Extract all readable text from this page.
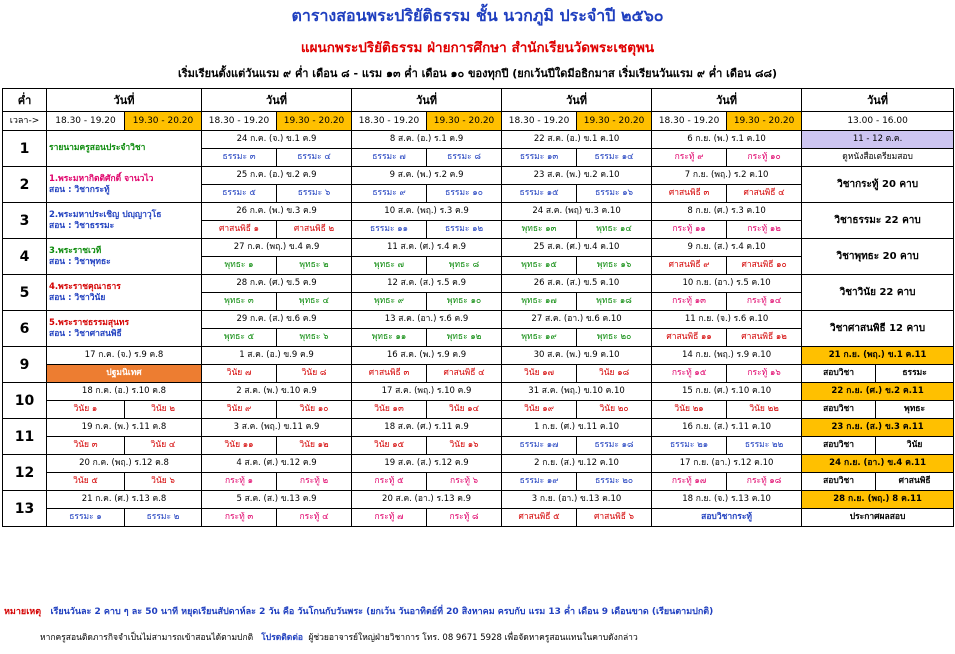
ตารางสอนพระปริยัติธรรม ชั้น นวกภูมิ ประจำปี ๒๕๖๐
แผนกพระปริยัติธรรม ฝ่ายการศึกษา สำนักเรียนวัดพระเชตุพน
เริ่มเรียนตั้งแต่วันแรม ๙ ค่ำ เดือน ๘ - แรม ๑๓ ค่ำ เดือน ๑๐ ของทุกปี (ยกเว้นปีใดมีอธิกมาส เริ่มเรียนวันแรม ๙ ค่ำ เดือน ๘๘)
ค่ำ	วันที่		วันที่		วันที่		วันที่		วันที่		วันที่	
เวลา->	18.30 - 19.20	19.30 - 20.20	18.30 - 19.20	19.30 - 20.20	18.30 - 19.20	19.30 - 20.20	18.30 - 19.20	19.30 - 20.20	18.30 - 19.20	19.30 - 20.20	13.00 - 16.00	
1	รายนามครูสอนประจำวิชา		24 ก.ค. (จ.) ข.1 ค.9		8 ส.ค. (อ.) ร.1 ค.9		22 ส.ค. (อ.) ข.1 ค.10		6 ก.ย. (พ.) ร.1 ค.10		11 - 12 ต.ค.	
			ธรรมะ ๓	ธรรมะ ๔	ธรรมะ ๗	ธรรมะ ๘	ธรรมะ ๑๓	ธรรมะ ๑๔	กระทู้ ๙	กระทู้ ๑๐	ดูหนังสือเตรียมสอบ	
2	1.พระมหากิตติศักดิ์ จานวไว
สอน : วิชากระทู้		25 ก.ค. (อ.) ข.2 ค.9		9 ส.ค. (พ.) ร.2 ค.9		23 ส.ค. (พ.) ข.2 ค.10		7 ก.ย. (พฤ.) ร.2 ค.10		วิชากระทู้ 20 คาบ	
			ธรรมะ ๕	ธรรมะ ๖	ธรรมะ ๙	ธรรมะ ๑๐	ธรรมะ ๑๕	ธรรมะ ๑๖	ศาสนพิธี ๓	ศาสนพิธี ๔		
3	2.พระมหาประเชิญ ปญฺญาวุโธ
สอน : วิชาธรรมะ		26 ก.ค. (พ.) ข.3 ค.9		10 ส.ค. (พฤ.) ร.3 ค.9		24 ส.ค. (พฤ) ข.3 ค.10		8 ก.ย. (ศ.) ร.3 ค.10		วิชาธรรมะ 22 คาบ	
			ศาสนพิธี ๑	ศาสนพิธี ๒	ธรรมะ ๑๑	ธรรมะ ๑๒	พุทธะ ๑๓	พุทธะ ๑๔	กระทู้ ๑๑	กระทู้ ๑๒		
4	3.พระราชเวที
สอน : วิชาพุทธะ		27 ก.ค. (พฤ.) ข.4 ค.9		11 ส.ค. (ศ.) ร.4 ค.9		25 ส.ค. (ศ.) ข.4 ค.10		9 ก.ย. (ส.) ร.4 ค.10		วิชาพุทธะ 20 คาบ	
			พุทธะ ๑	พุทธะ ๒	พุทธะ ๗	พุทธะ ๘	พุทธะ ๑๕	พุทธะ ๑๖	ศาสนพิธี ๙	ศาสนพิธี ๑๐		
5	4.พระราชคุณาธาร
สอน : วิชาวินัย		28 ก.ค. (ศ.) ข.5 ค.9		12 ส.ค. (ส.) ร.5 ค.9		26 ส.ค. (ส.) ข.5 ค.10		10 ก.ย. (อา.) ร.5 ค.10		วิชาวินัย 22 คาบ	
			พุทธะ ๓	พุทธะ ๔	พุทธะ ๙	พุทธะ ๑๐	พุทธะ ๑๗	พุทธะ ๑๘	กระทู้ ๑๓	กระทู้ ๑๔		
6	5.พระราชธรรมสุนทร
สอน : วิชาศาสนพิธี		29 ก.ค. (ส.) ข.6 ค.9		13 ส.ค. (อา.) ร.6 ค.9		27 ส.ค. (อา.) ข.6 ค.10		11 ก.ย. (จ.) ร.6 ค.10		วิชาศาสนพิธี 12 คาบ	
			พุทธะ ๕	พุทธะ ๖	พุทธะ ๑๑	พุทธะ ๑๒	พุทธะ ๑๙	พุทธะ ๒๐	ศาสนพิธี ๑๑	ศาสนพิธี ๑๒		
9	17 ก.ค. (จ.) ร.9 ค.8		1 ส.ค. (อ.) ข.9 ค.9		16 ส.ค. (พ.) ร.9 ค.9		30 ส.ค. (พ.) ข.9 ค.10		14 ก.ย. (พฤ.) ร.9 ค.10		21 ก.ย. (พฤ.) ข.1 ค.11	
	ปฐมนิเทศ		วินัย ๗	วินัย ๘	ศาสนพิธี ๓	ศาสนพิธี ๔	วินัย ๑๗	วินัย ๑๘	กระทู้ ๑๕	กระทู้ ๑๖	สอบวิชา	ธรรมะ
10	18 ก.ค. (อ.) ร.10 ค.8		2 ส.ค. (พ.) ข.10 ค.9		17 ส.ค. (พฤ.) ร.10 ค.9		31 ส.ค. (พฤ.) ข.10 ค.10		15 ก.ย. (ศ.) ร.10 ค.10		22 ก.ย. (ศ.) ข.2 ค.11	
	วินัย ๑	วินัย ๒	วินัย ๙	วินัย ๑๐	วินัย ๑๓	วินัย ๑๔	วินัย ๑๙	วินัย ๒๐	วินัย ๒๑	วินัย ๒๒	สอบวิชา	พุทธะ
11	19 ก.ค. (พ.) ร.11 ค.8		3 ส.ค. (พฤ.) ข.11 ค.9		18 ส.ค. (ศ.) ร.11 ค.9		1 ก.ย. (ศ.) ข.11 ค.10		16 ก.ย. (ส.) ร.11 ค.10		23 ก.ย. (ส.) ข.3 ค.11	
	วินัย ๓	วินัย ๔	วินัย ๑๑	วินัย ๑๒	วินัย ๑๕	วินัย ๑๖	ธรรมะ ๑๗	ธรรมะ ๑๘	ธรรมะ ๒๑	ธรรมะ ๒๒	สอบวิชา	วินัย
12	20 ก.ค. (พฤ.) ร.12 ค.8		4 ส.ค. (ศ.) ข.12 ค.9		19 ส.ค. (ส.) ร.12 ค.9		2 ก.ย. (ส.) ข.12 ค.10		17 ก.ย. (อา.) ร.12 ค.10		24 ก.ย. (อา.) ข.4 ค.11	
	วินัย ๕	วินัย ๖	กระทู้ ๑	กระทู้ ๒	กระทู้ ๕	กระทู้ ๖	ธรรมะ ๑๙	ธรรมะ ๒๐	กระทู้ ๑๗	กระทู้ ๑๘	สอบวิชา	ศาสนพิธี
13	21 ก.ค. (ศ.) ร.13 ค.8		5 ส.ค. (ส.) ข.13 ค.9		20 ส.ค. (อา.) ร.13 ค.9		3 ก.ย. (อา.) ข.13 ค.10		18 ก.ย. (จ.) ร.13 ค.10		28 ก.ย. (พฤ.) 8 ค.11	
	ธรรมะ ๑	ธรรมะ ๒	กระทู้ ๓	กระทู้ ๔	กระทู้ ๗	กระทู้ ๘	ศาสนพิธี ๕	ศาสนพิธี ๖	สอบวิชากระทู้		ประกาศผลสอบ	
หมายเหตุ เรียนวันละ 2 คาบ ๆ ละ 50 นาที หยุดเรียนสัปดาห์ละ 2 วัน คือ วันโกนกับวันพระ (ยกเว้น วันอาทิตย์ที่ 20 สิงหาคม ครบกับ แรม 13 ค่ำ เดือน 9 เดือนขาด (เรียนตามปกติ)
หากครูสอนติดภารกิจจำเป็นไม่สามารถเข้าสอนได้ตามปกติ โปรดติดต่อ ผู้ช่วยอาจารย์ใหญ่ฝ่ายวิชาการ โทร. 08 9671 5928 เพื่อจัดหาครูสอนแทนในคาบดังกล่าว
